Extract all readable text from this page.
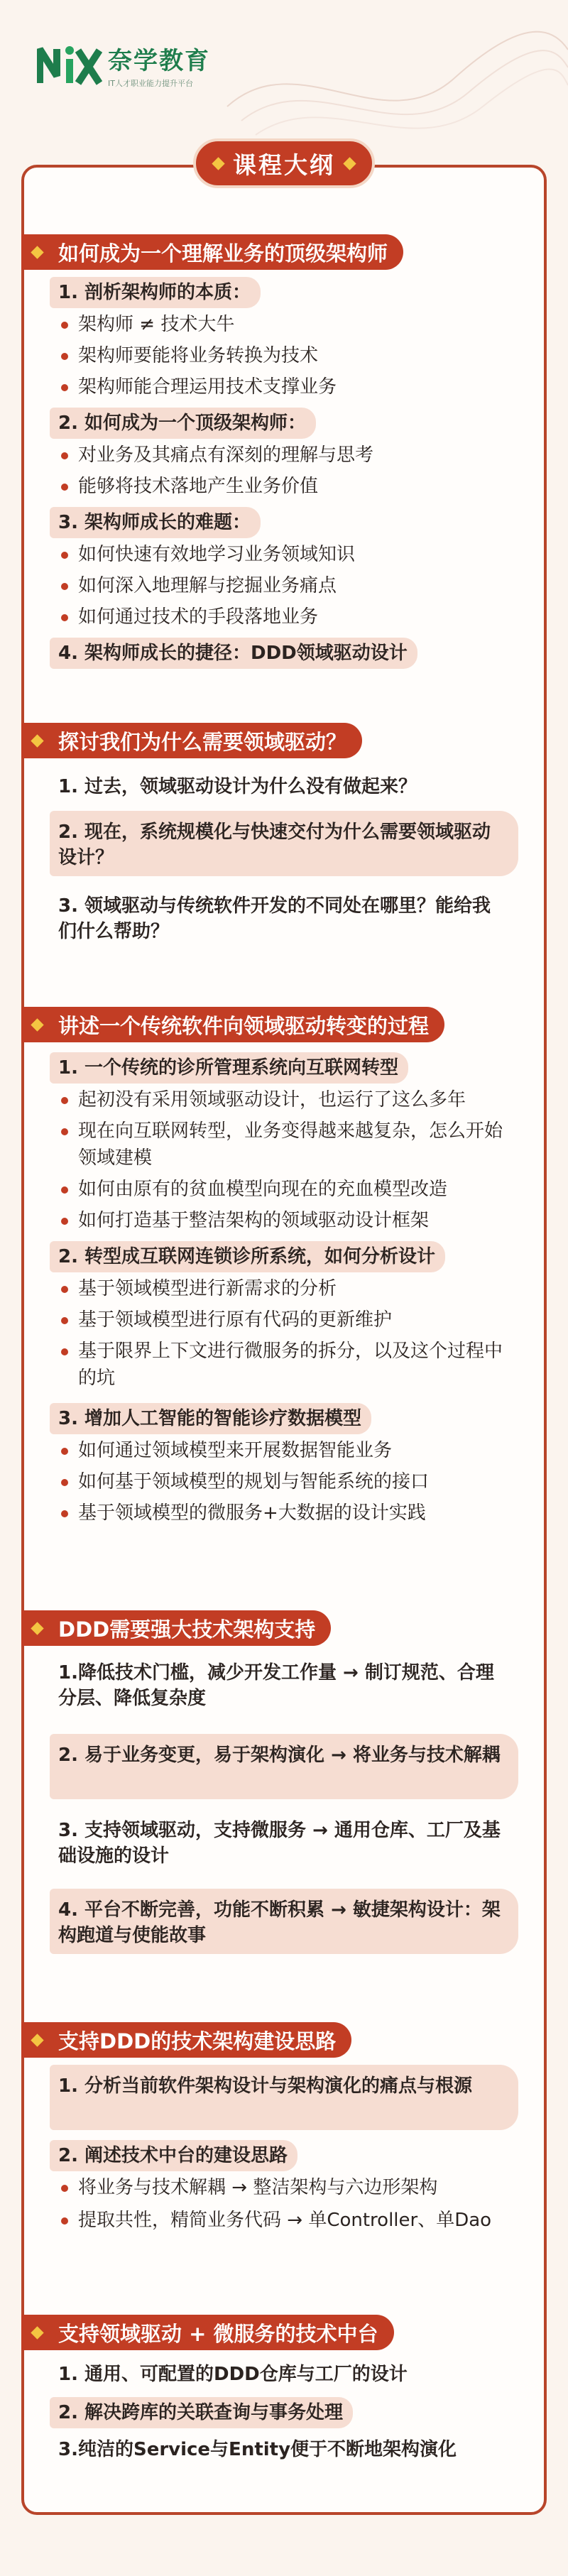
奈学教育
IT人才职业能力提升平台
课程大纲
如何成为一个理解业务的顶级架构师
1. 剖析架构师的本质：
架构师 ≠ 技术大牛
架构师要能将业务转换为技术
架构师能合理运用技术支撑业务
2. 如何成为一个顶级架构师：
对业务及其痛点有深刻的理解与思考
能够将技术落地产生业务价值
3. 架构师成长的难题：
如何快速有效地学习业务领域知识
如何深入地理解与挖掘业务痛点
如何通过技术的手段落地业务
4. 架构师成长的捷径：DDD领域驱动设计
探讨我们为什么需要领域驱动？
1. 过去，领域驱动设计为什么没有做起来？
2. 现在，系统规模化与快速交付为什么需要领域驱动设计？
3. 领域驱动与传统软件开发的不同处在哪里？能给我们什么帮助？
讲述一个传统软件向领域驱动转变的过程
1. 一个传统的诊所管理系统向互联网转型
起初没有采用领域驱动设计，也运行了这么多年
现在向互联网转型，业务变得越来越复杂，怎么开始领域建模
如何由原有的贫血模型向现在的充血模型改造
如何打造基于整洁架构的领域驱动设计框架
2. 转型成互联网连锁诊所系统，如何分析设计
基于领域模型进行新需求的分析
基于领域模型进行原有代码的更新维护
基于限界上下文进行微服务的拆分，以及这个过程中的坑
3. 增加人工智能的智能诊疗数据模型
如何通过领域模型来开展数据智能业务
如何基于领域模型的规划与智能系统的接口
基于领域模型的微服务+大数据的设计实践
DDD需要强大技术架构支持
1.降低技术门槛，减少开发工作量 → 制订规范、合理分层、降低复杂度
2. 易于业务变更，易于架构演化 → 将业务与技术解耦
3. 支持领域驱动，支持微服务 → 通用仓库、工厂及基础设施的设计
4. 平台不断完善，功能不断积累 → 敏捷架构设计：架构跑道与使能故事
支持DDD的技术架构建设思路
1. 分析当前软件架构设计与架构演化的痛点与根源
2. 阐述技术中台的建设思路
将业务与技术解耦 → 整洁架构与六边形架构
提取共性，精简业务代码 → 单Controller、单Dao
支持领域驱动 + 微服务的技术中台
1. 通用、可配置的DDD仓库与工厂的设计
2. 解决跨库的关联查询与事务处理
3.纯洁的Service与Entity便于不断地架构演化
